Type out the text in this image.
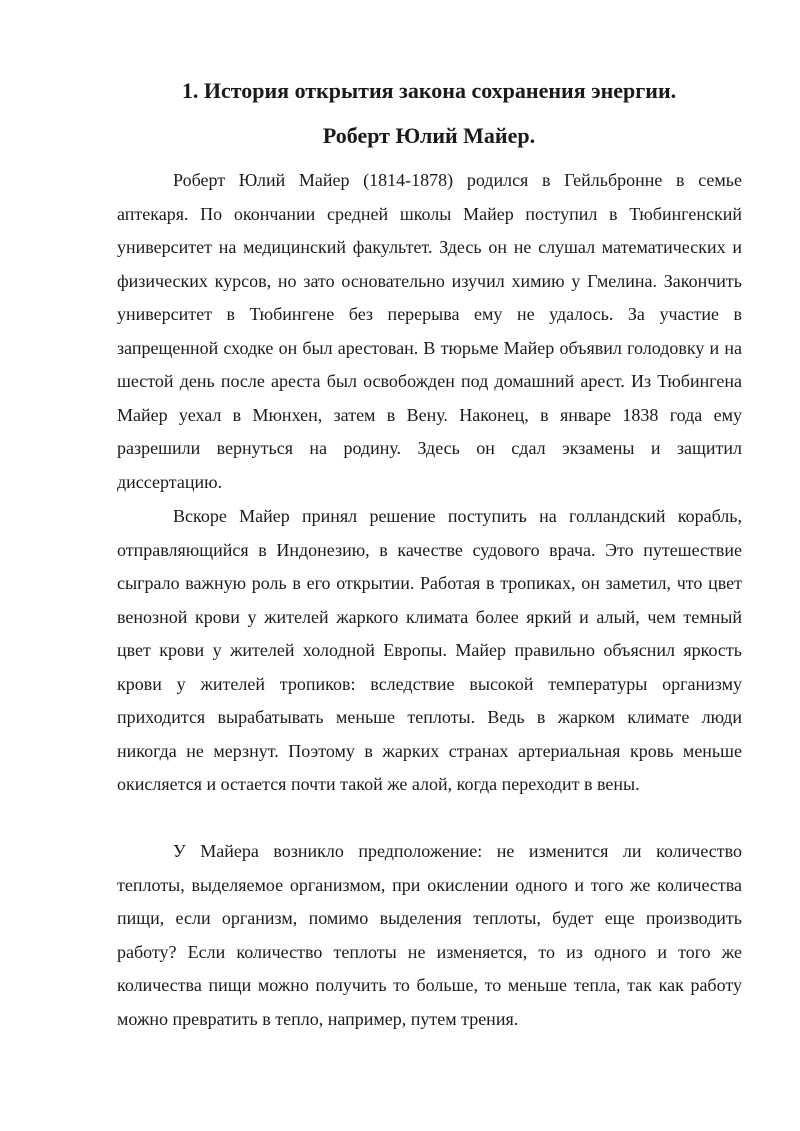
1. История открытия закона сохранения энергии.
Роберт Юлий Майер.

Роберт Юлий Майер (1814-1878) родился в Гейльбронне в семье аптекаря. По окончании средней школы Майер поступил в Тюбингенский университет на медицинский факультет. Здесь он не слушал математических и физических курсов, но зато основательно изучил химию у Гмелина. Закончить университет в Тюбингене без перерыва ему не удалось. За участие в запрещенной сходке он был арестован. В тюрьме Майер объявил голодовку и на шестой день после ареста был освобожден под домашний арест. Из Тюбингена Майер уехал в Мюнхен, затем в Вену. Наконец, в январе 1838 года ему разрешили вернуться на родину. Здесь он сдал экзамены и защитил диссертацию.

Вскоре Майер принял решение поступить на голландский корабль, отправляющийся в Индонезию, в качестве судового врача. Это путешествие сыграло важную роль в его открытии. Работая в тропиках, он заметил, что цвет венозной крови у жителей жаркого климата более яркий и алый, чем темный цвет крови у жителей холодной Европы. Майер правильно объяснил яркость крови у жителей тропиков: вследствие высокой температуры организму приходится вырабатывать меньше теплоты. Ведь в жарком климате люди никогда не мерзнут. Поэтому в жарких странах артериальная кровь меньше окисляется и остается почти такой же алой, когда переходит в вены.

У Майера возникло предположение: не изменится ли количество теплоты, выделяемое организмом, при окислении одного и того же количества пищи, если организм, помимо выделения теплоты, будет еще производить работу? Если количество теплоты не изменяется, то из одного и того же количества пищи можно получить то больше, то меньше тепла, так как работу можно превратить в тепло, например, путем трения.
